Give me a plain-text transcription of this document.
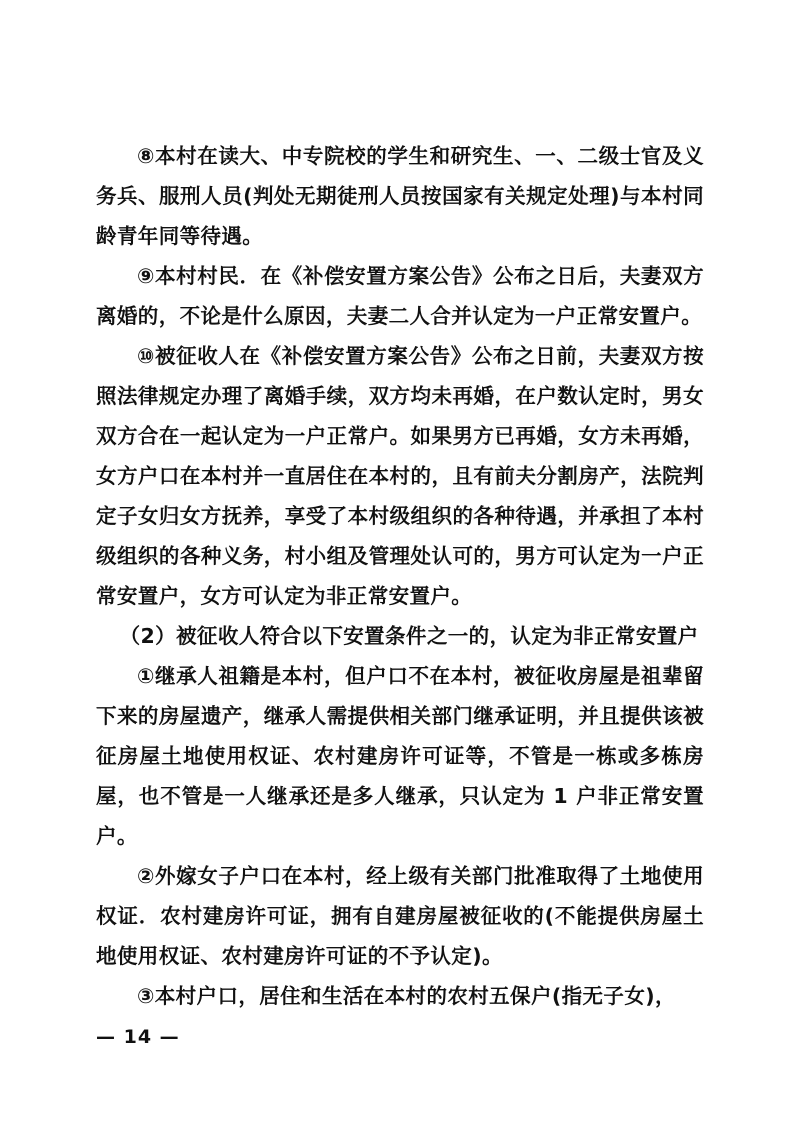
⑧本村在读大、中专院校的学生和研究生、一、二级士官及义务兵、服刑人员(判处无期徒刑人员按国家有关规定处理)与本村同龄青年同等待遇。

⑨本村村民．在《补偿安置方案公告》公布之日后，夫妻双方离婚的，不论是什么原因，夫妻二人合并认定为一户正常安置户。

⑩被征收人在《补偿安置方案公告》公布之日前，夫妻双方按照法律规定办理了离婚手续，双方均未再婚，在户数认定时，男女双方合在一起认定为一户正常户。如果男方已再婚，女方未再婚，女方户口在本村并一直居住在本村的，且有前夫分割房产，法院判定子女归女方抚养，享受了本村级组织的各种待遇，并承担了本村级组织的各种义务，村小组及管理处认可的，男方可认定为一户正常安置户，女方可认定为非正常安置户。

（2）被征收人符合以下安置条件之一的，认定为非正常安置户

①继承人祖籍是本村，但户口不在本村，被征收房屋是祖辈留下来的房屋遗产，继承人需提供相关部门继承证明，并且提供该被征房屋土地使用权证、农村建房许可证等，不管是一栋或多栋房屋，也不管是一人继承还是多人继承，只认定为 1 户非正常安置户。

②外嫁女子户口在本村，经上级有关部门批准取得了土地使用权证．农村建房许可证，拥有自建房屋被征收的(不能提供房屋土地使用权证、农村建房许可证的不予认定)。

③本村户口，居住和生活在本村的农村五保户(指无子女)，

— 14 —
